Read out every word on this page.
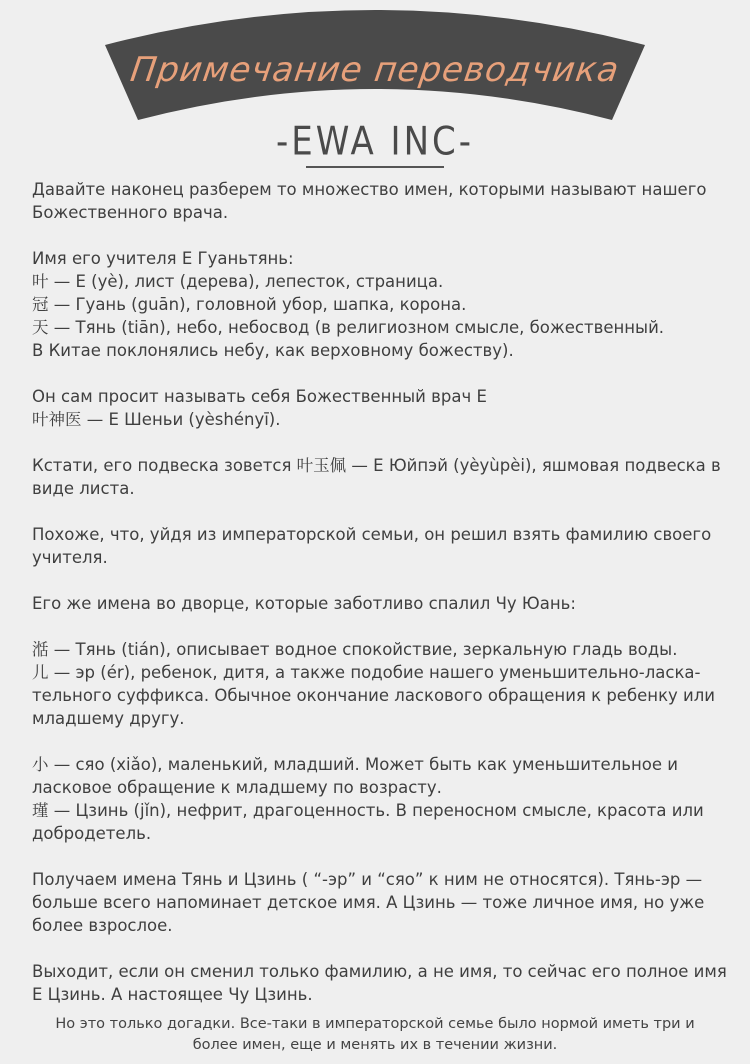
Примечание переводчика
-EWA INC-
Давайте наконец разберем то множество имен, которыми называют нашего
Божественного врача.
Имя его учителя Е Гуаньтянь:
叶 — Е (yè), лист (дерева), лепесток, страница.
冠 — Гуань (guān), головной убор, шапка, корона.
天 — Тянь (tiān), небо, небосвод (в религиозном смысле, божественный.
В Китае поклонялись небу, как верховному божеству).
Он сам просит называть себя Божественный врач Е
叶神医 — Е Шеньи (yèshényī).
Кстати, его подвеска зовется 叶玉佩 — Е Юйпэй (yèyùpèi), яшмовая подвеска в
виде листа.
Похоже, что, уйдя из императорской семьи, он решил взять фамилию своего
учителя.
Его же имена во дворце, которые заботливо спалил Чу Юань:
湉 — Тянь (tián), описывает водное спокойствие, зеркальную гладь воды.
儿 — эр (ér), ребенок, дитя, а также подобие нашего уменьшительно-ласка-
тельного суффикса. Обычное окончание ласкового обращения к ребенку или
младшему другу.
小 — сяо (xiǎo), маленький, младший. Может быть как уменьшительное и
ласковое обращение к младшему по возрасту.
瑾 — Цзинь (jǐn), нефрит, драгоценность. В переносном смысле, красота или
добродетель.
Получаем имена Тянь и Цзинь ( “-эр” и “сяо” к ним не относятся). Тянь-эр —
больше всего напоминает детское имя. А Цзинь — тоже личное имя, но уже
более взрослое.
Выходит, если он сменил только фамилию, а не имя, то сейчас его полное имя
Е Цзинь. А настоящее Чу Цзинь.
Но это только догадки. Все-таки в императорской семье было нормой иметь три и
более имен, еще и менять их в течении жизни.
